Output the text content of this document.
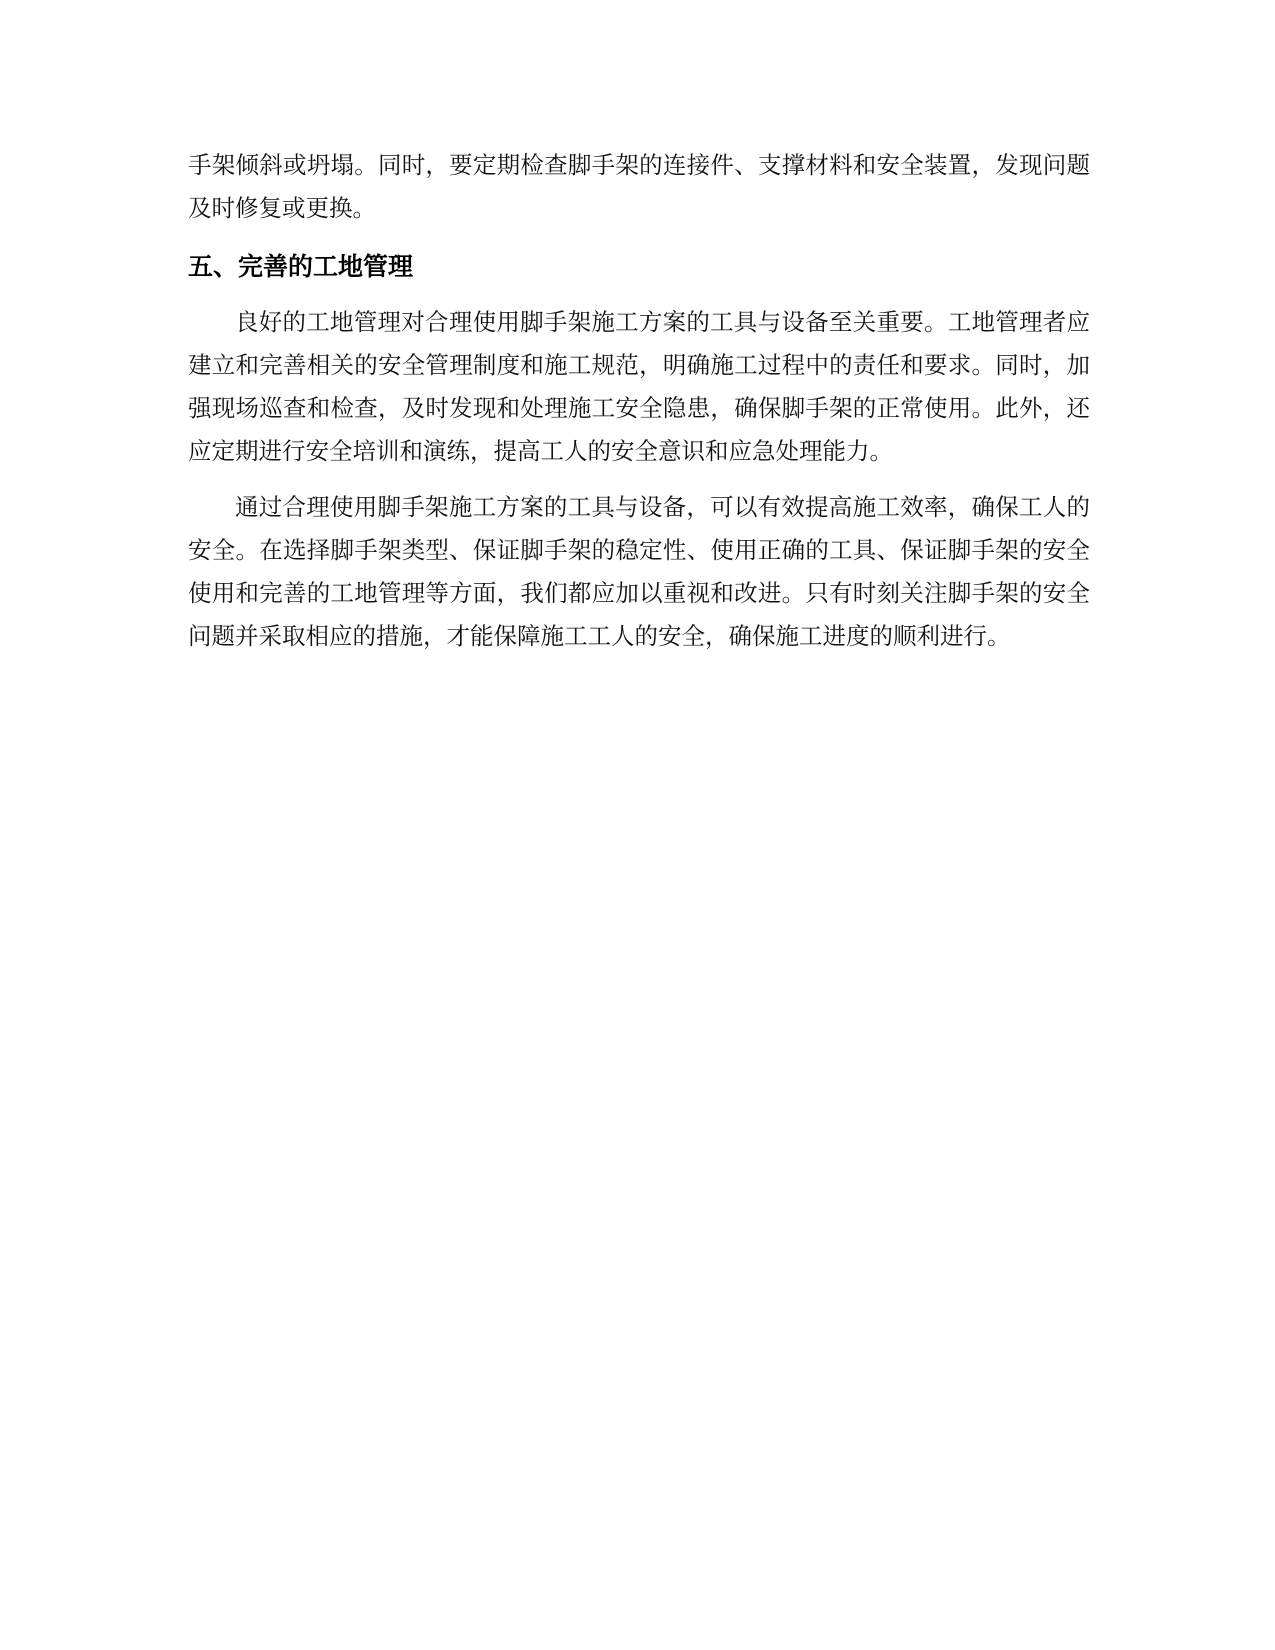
手架倾斜或坍塌。同时，要定期检查脚手架的连接件、支撑材料和安全装置，发现问题及时修复或更换。

五、完善的工地管理

良好的工地管理对合理使用脚手架施工方案的工具与设备至关重要。工地管理者应建立和完善相关的安全管理制度和施工规范，明确施工过程中的责任和要求。同时，加强现场巡查和检查，及时发现和处理施工安全隐患，确保脚手架的正常使用。此外，还应定期进行安全培训和演练，提高工人的安全意识和应急处理能力。

通过合理使用脚手架施工方案的工具与设备，可以有效提高施工效率，确保工人的安全。在选择脚手架类型、保证脚手架的稳定性、使用正确的工具、保证脚手架的安全使用和完善的工地管理等方面，我们都应加以重视和改进。只有时刻关注脚手架的安全问题并采取相应的措施，才能保障施工工人的安全，确保施工进度的顺利进行。
